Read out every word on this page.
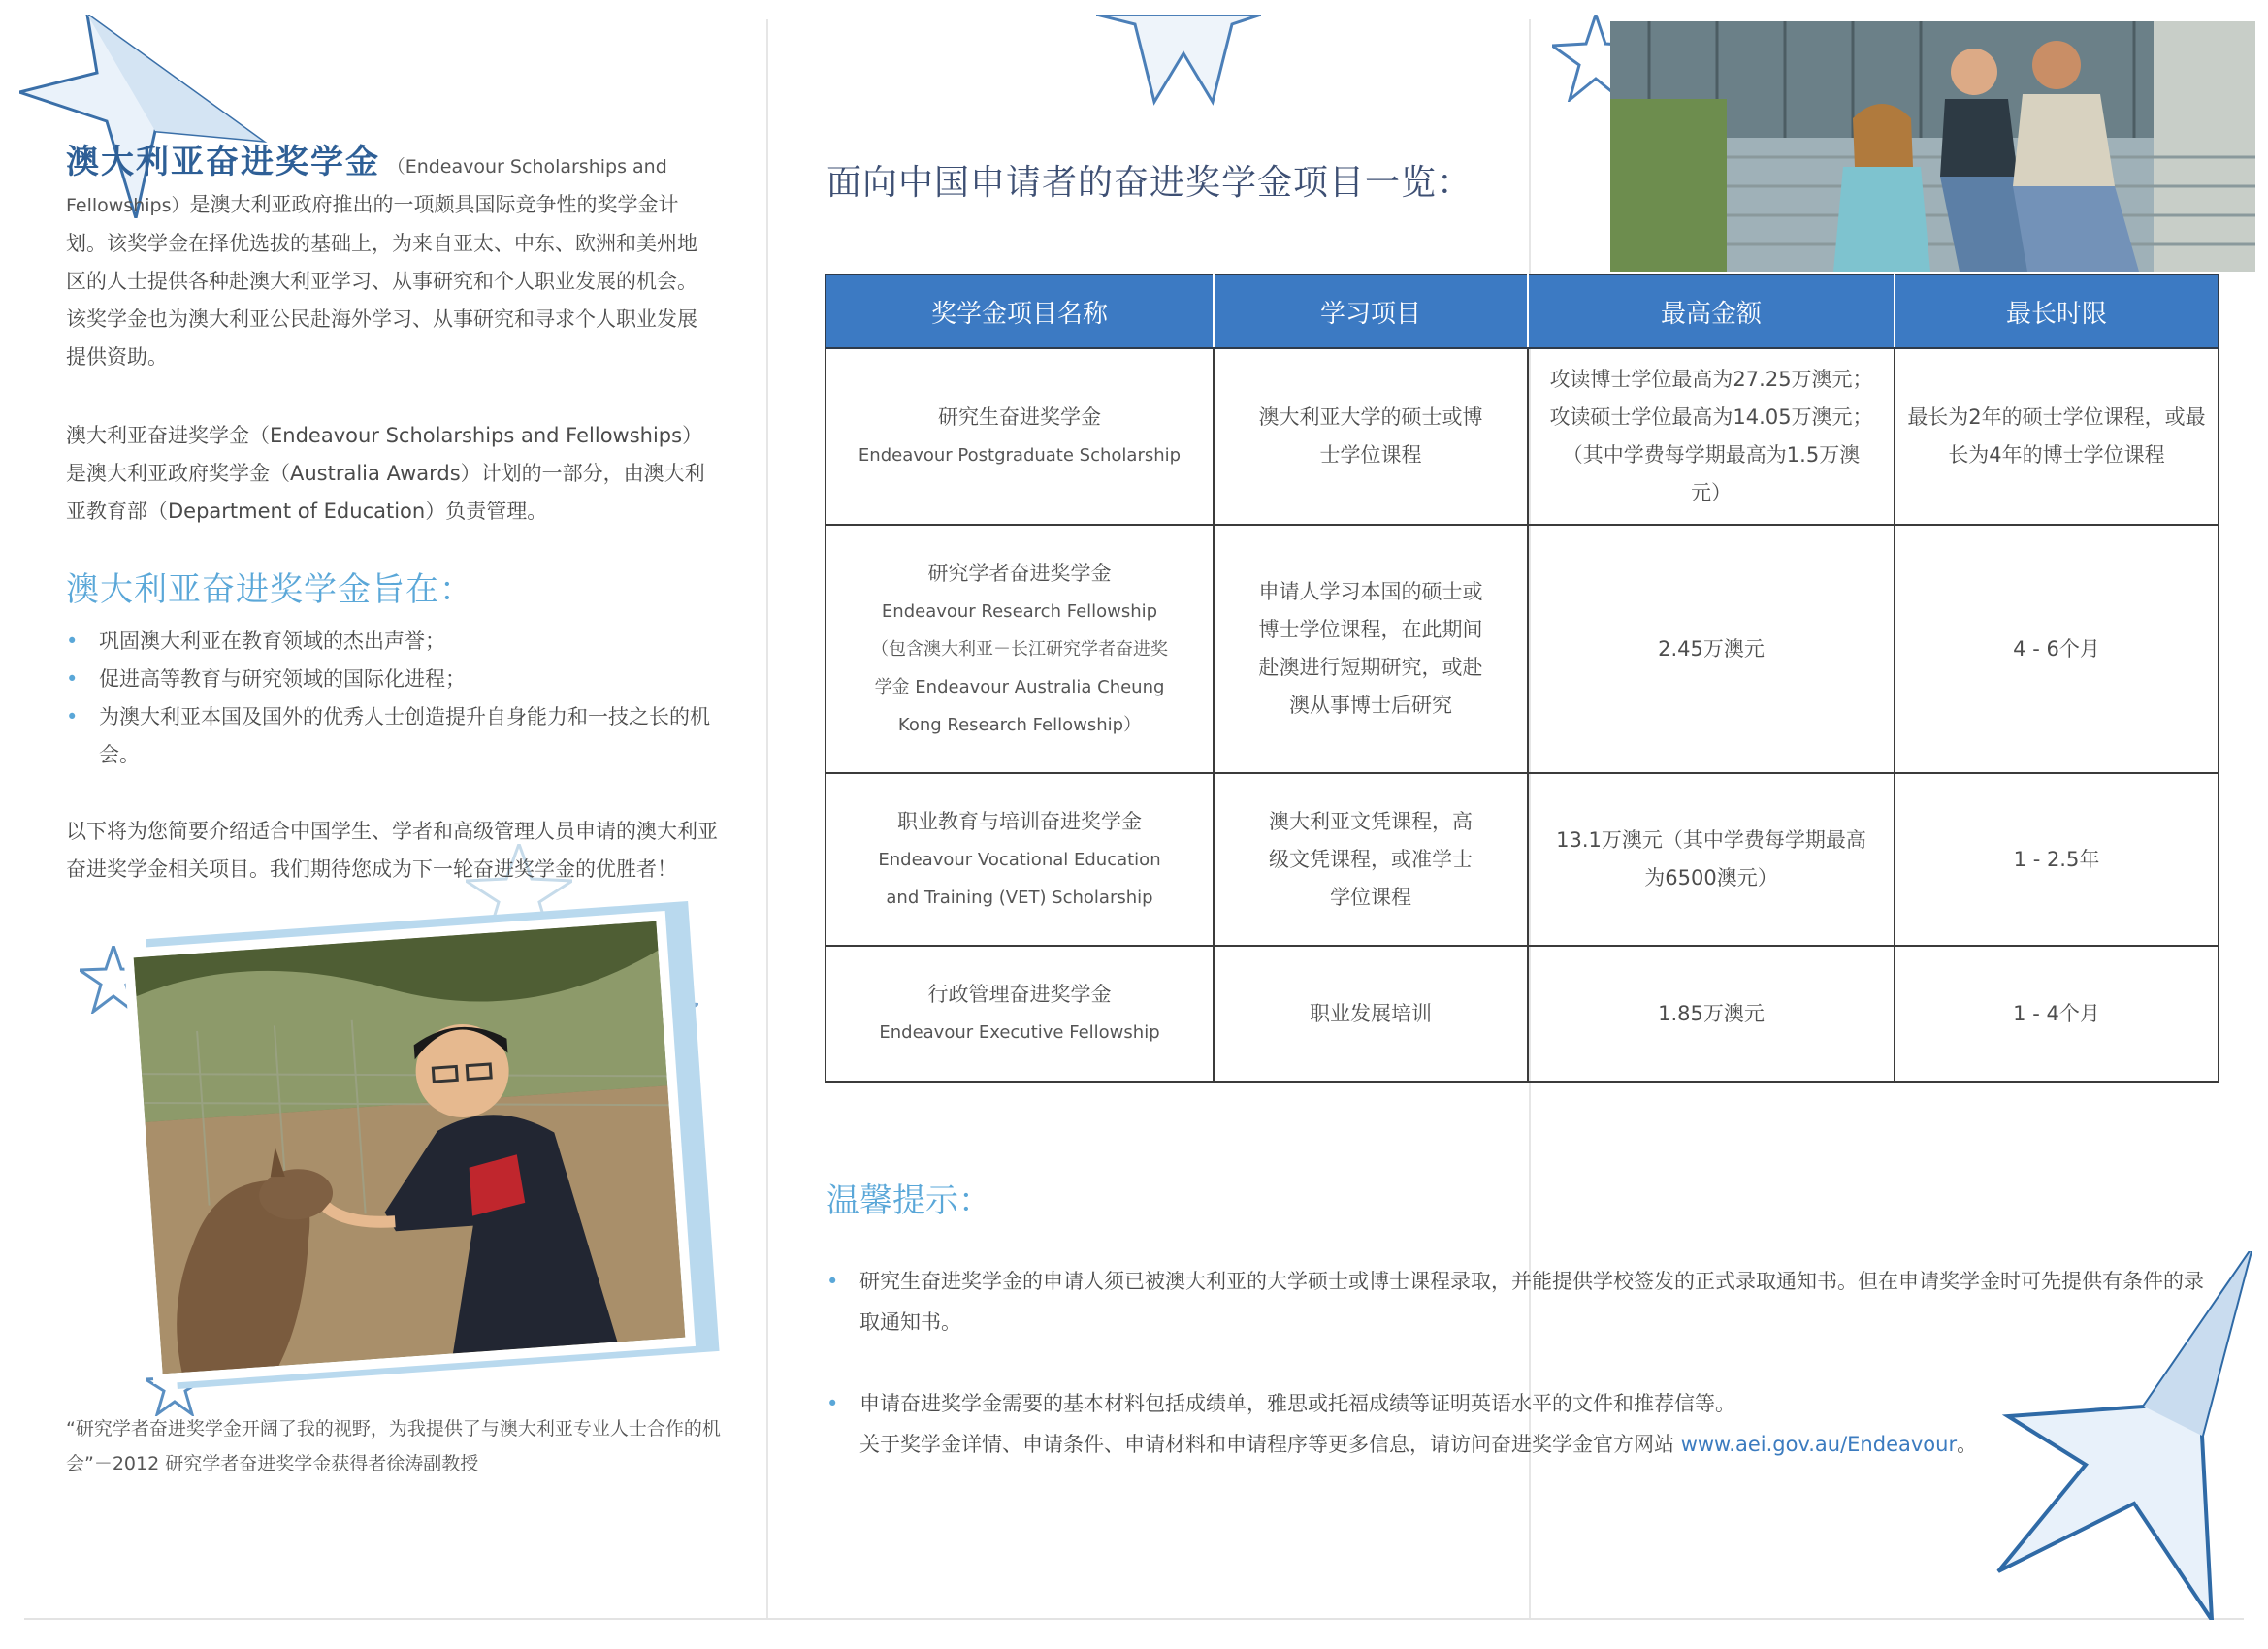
澳大利亚奋进奖学金 （Endeavour Scholarships and Fellowships）是澳大利亚政府推出的一项颇具国际竞争性的奖学金计划。该奖学金在择优选拔的基础上，为来自亚太、中东、欧洲和美州地区的人士提供各种赴澳大利亚学习、从事研究和个人职业发展的机会。该奖学金也为澳大利亚公民赴海外学习、从事研究和寻求个人职业发展提供资助。
澳大利亚奋进奖学金（Endeavour Scholarships and Fellowships）是澳大利亚政府奖学金（Australia Awards）计划的一部分，由澳大利亚教育部（Department of Education）负责管理。
澳大利亚奋进奖学金旨在：
• 巩固澳大利亚在教育领域的杰出声誉；
• 促进高等教育与研究领域的国际化进程；
• 为澳大利亚本国及国外的优秀人士创造提升自身能力和一技之长的机会。
以下将为您简要介绍适合中国学生、学者和高级管理人员申请的澳大利亚奋进奖学金相关项目。我们期待您成为下一轮奋进奖学金的优胜者！
“研究学者奋进奖学金开阔了我的视野，为我提供了与澳大利亚专业人士合作的机会”－2012 研究学者奋进奖学金获得者徐涛副教授
面向中国申请者的奋进奖学金项目一览：
奖学金项目名称	学习项目	最高金额	最长时限

研究生奋进奖学金
Endeavour Postgraduate Scholarship	澳大利亚大学的硕士或博士学位课程	攻读博士学位最高为27.25万澳元；攻读硕士学位最高为14.05万澳元；（其中学费每学期最高为1.5万澳元）	最长为2年的硕士学位课程，或最长为4年的博士学位课程

研究学者奋进奖学金
Endeavour Research Fellowship
（包含澳大利亚－长江研究学者奋进奖学金 Endeavour Australia Cheung Kong Research Fellowship）	申请人学习本国的硕士或博士学位课程，在此期间赴澳进行短期研究，或赴澳从事博士后研究	2.45万澳元	4 - 6个月

职业教育与培训奋进奖学金
Endeavour Vocational Education and Training (VET) Scholarship	澳大利亚文凭课程，高级文凭课程，或准学士学位课程	13.1万澳元（其中学费每学期最高为6500澳元）	1 - 2.5年

行政管理奋进奖学金
Endeavour Executive Fellowship	职业发展培训	1.85万澳元	1 - 4个月
温馨提示：
• 研究生奋进奖学金的申请人须已被澳大利亚的大学硕士或博士课程录取，并能提供学校签发的正式录取通知书。但在申请奖学金时可先提供有条件的录取通知书。
• 申请奋进奖学金需要的基本材料包括成绩单，雅思或托福成绩等证明英语水平的文件和推荐信等。
关于奖学金详情、申请条件、申请材料和申请程序等更多信息，请访问奋进奖学金官方网站 www.aei.gov.au/Endeavour。
